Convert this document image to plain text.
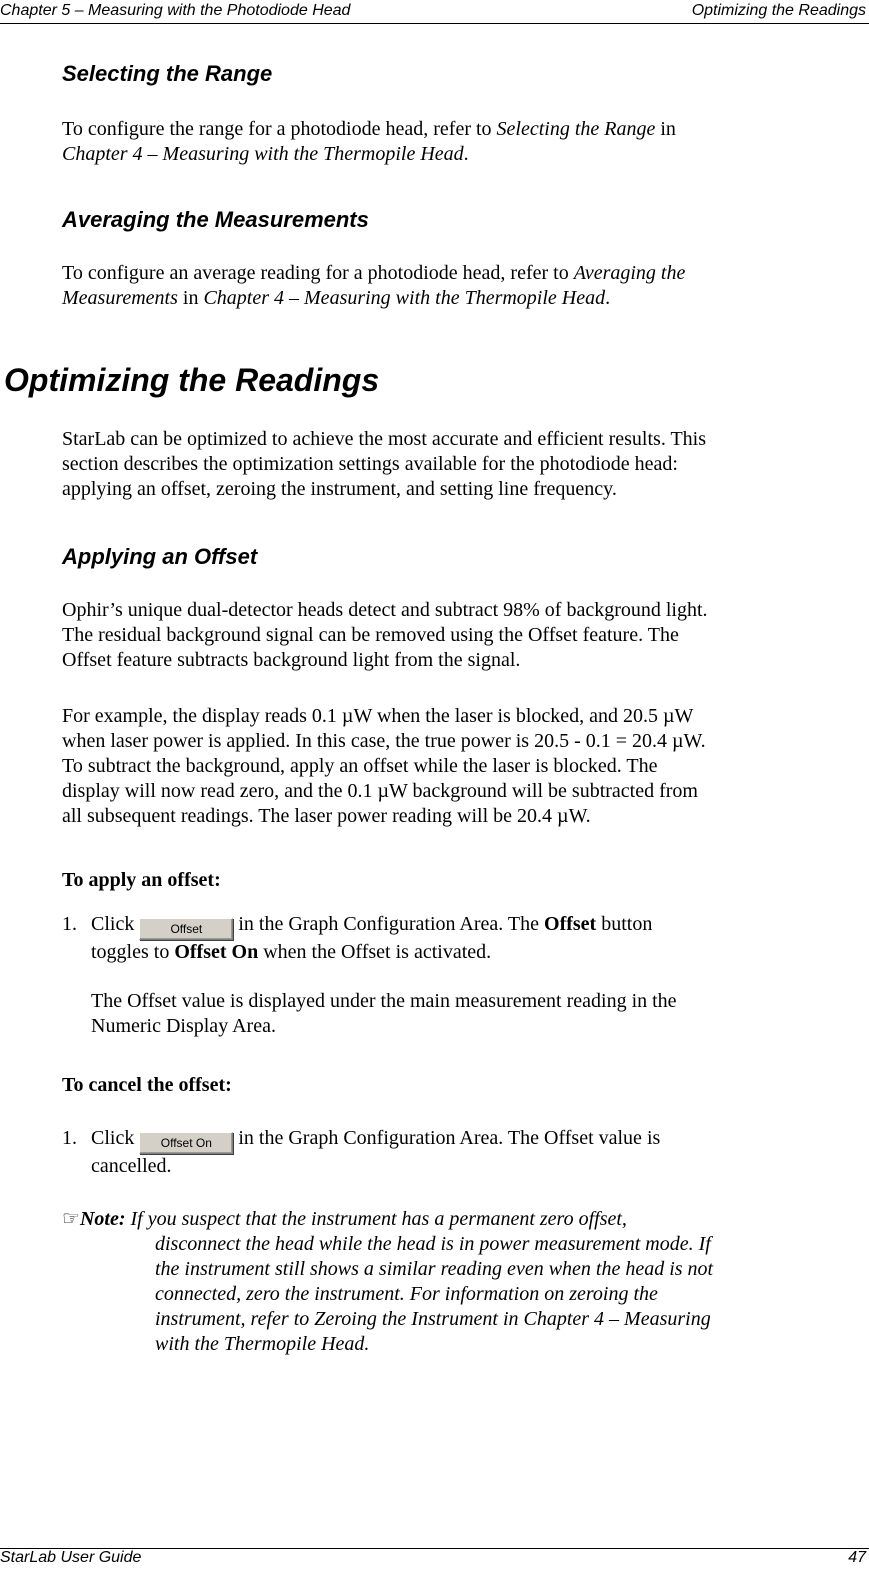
Chapter 5 – Measuring with the Photodiode Head	Optimizing the Readings
Selecting the Range
To configure the range for a photodiode head, refer to Selecting the Range in
Chapter 4 – Measuring with the Thermopile Head.
Averaging the Measurements
To configure an average reading for a photodiode head, refer to Averaging the
Measurements in Chapter 4 – Measuring with the Thermopile Head.
Optimizing the Readings
StarLab can be optimized to achieve the most accurate and efficient results. This
section describes the optimization settings available for the photodiode head:
applying an offset, zeroing the instrument, and setting line frequency.
Applying an Offset
Ophir’s unique dual-detector heads detect and subtract 98% of background light.
The residual background signal can be removed using the Offset feature. The
Offset feature subtracts background light from the signal.
For example, the display reads 0.1 µW when the laser is blocked, and 20.5 µW
when laser power is applied. In this case, the true power is 20.5 - 0.1 = 20.4 µW.
To subtract the background, apply an offset while the laser is blocked. The
display will now read zero, and the 0.1 µW background will be subtracted from
all subsequent readings. The laser power reading will be 20.4 µW.
To apply an offset:
1. Click	Offset in the Graph Configuration Area. The Offset button
toggles to Offset On when the Offset is activated.
The Offset value is displayed under the main measurement reading in the
Numeric Display Area.
To cancel the offset:
1. Click Offset On in the Graph Configuration Area. The Offset value is
cancelled.
☞Note: If you suspect that the instrument has a permanent zero offset,
disconnect the head while the head is in power measurement mode. If
the instrument still shows a similar reading even when the head is not
connected, zero the instrument. For information on zeroing the
instrument, refer to Zeroing the Instrument in Chapter 4 – Measuring
with the Thermopile Head.
StarLab User Guide	47
